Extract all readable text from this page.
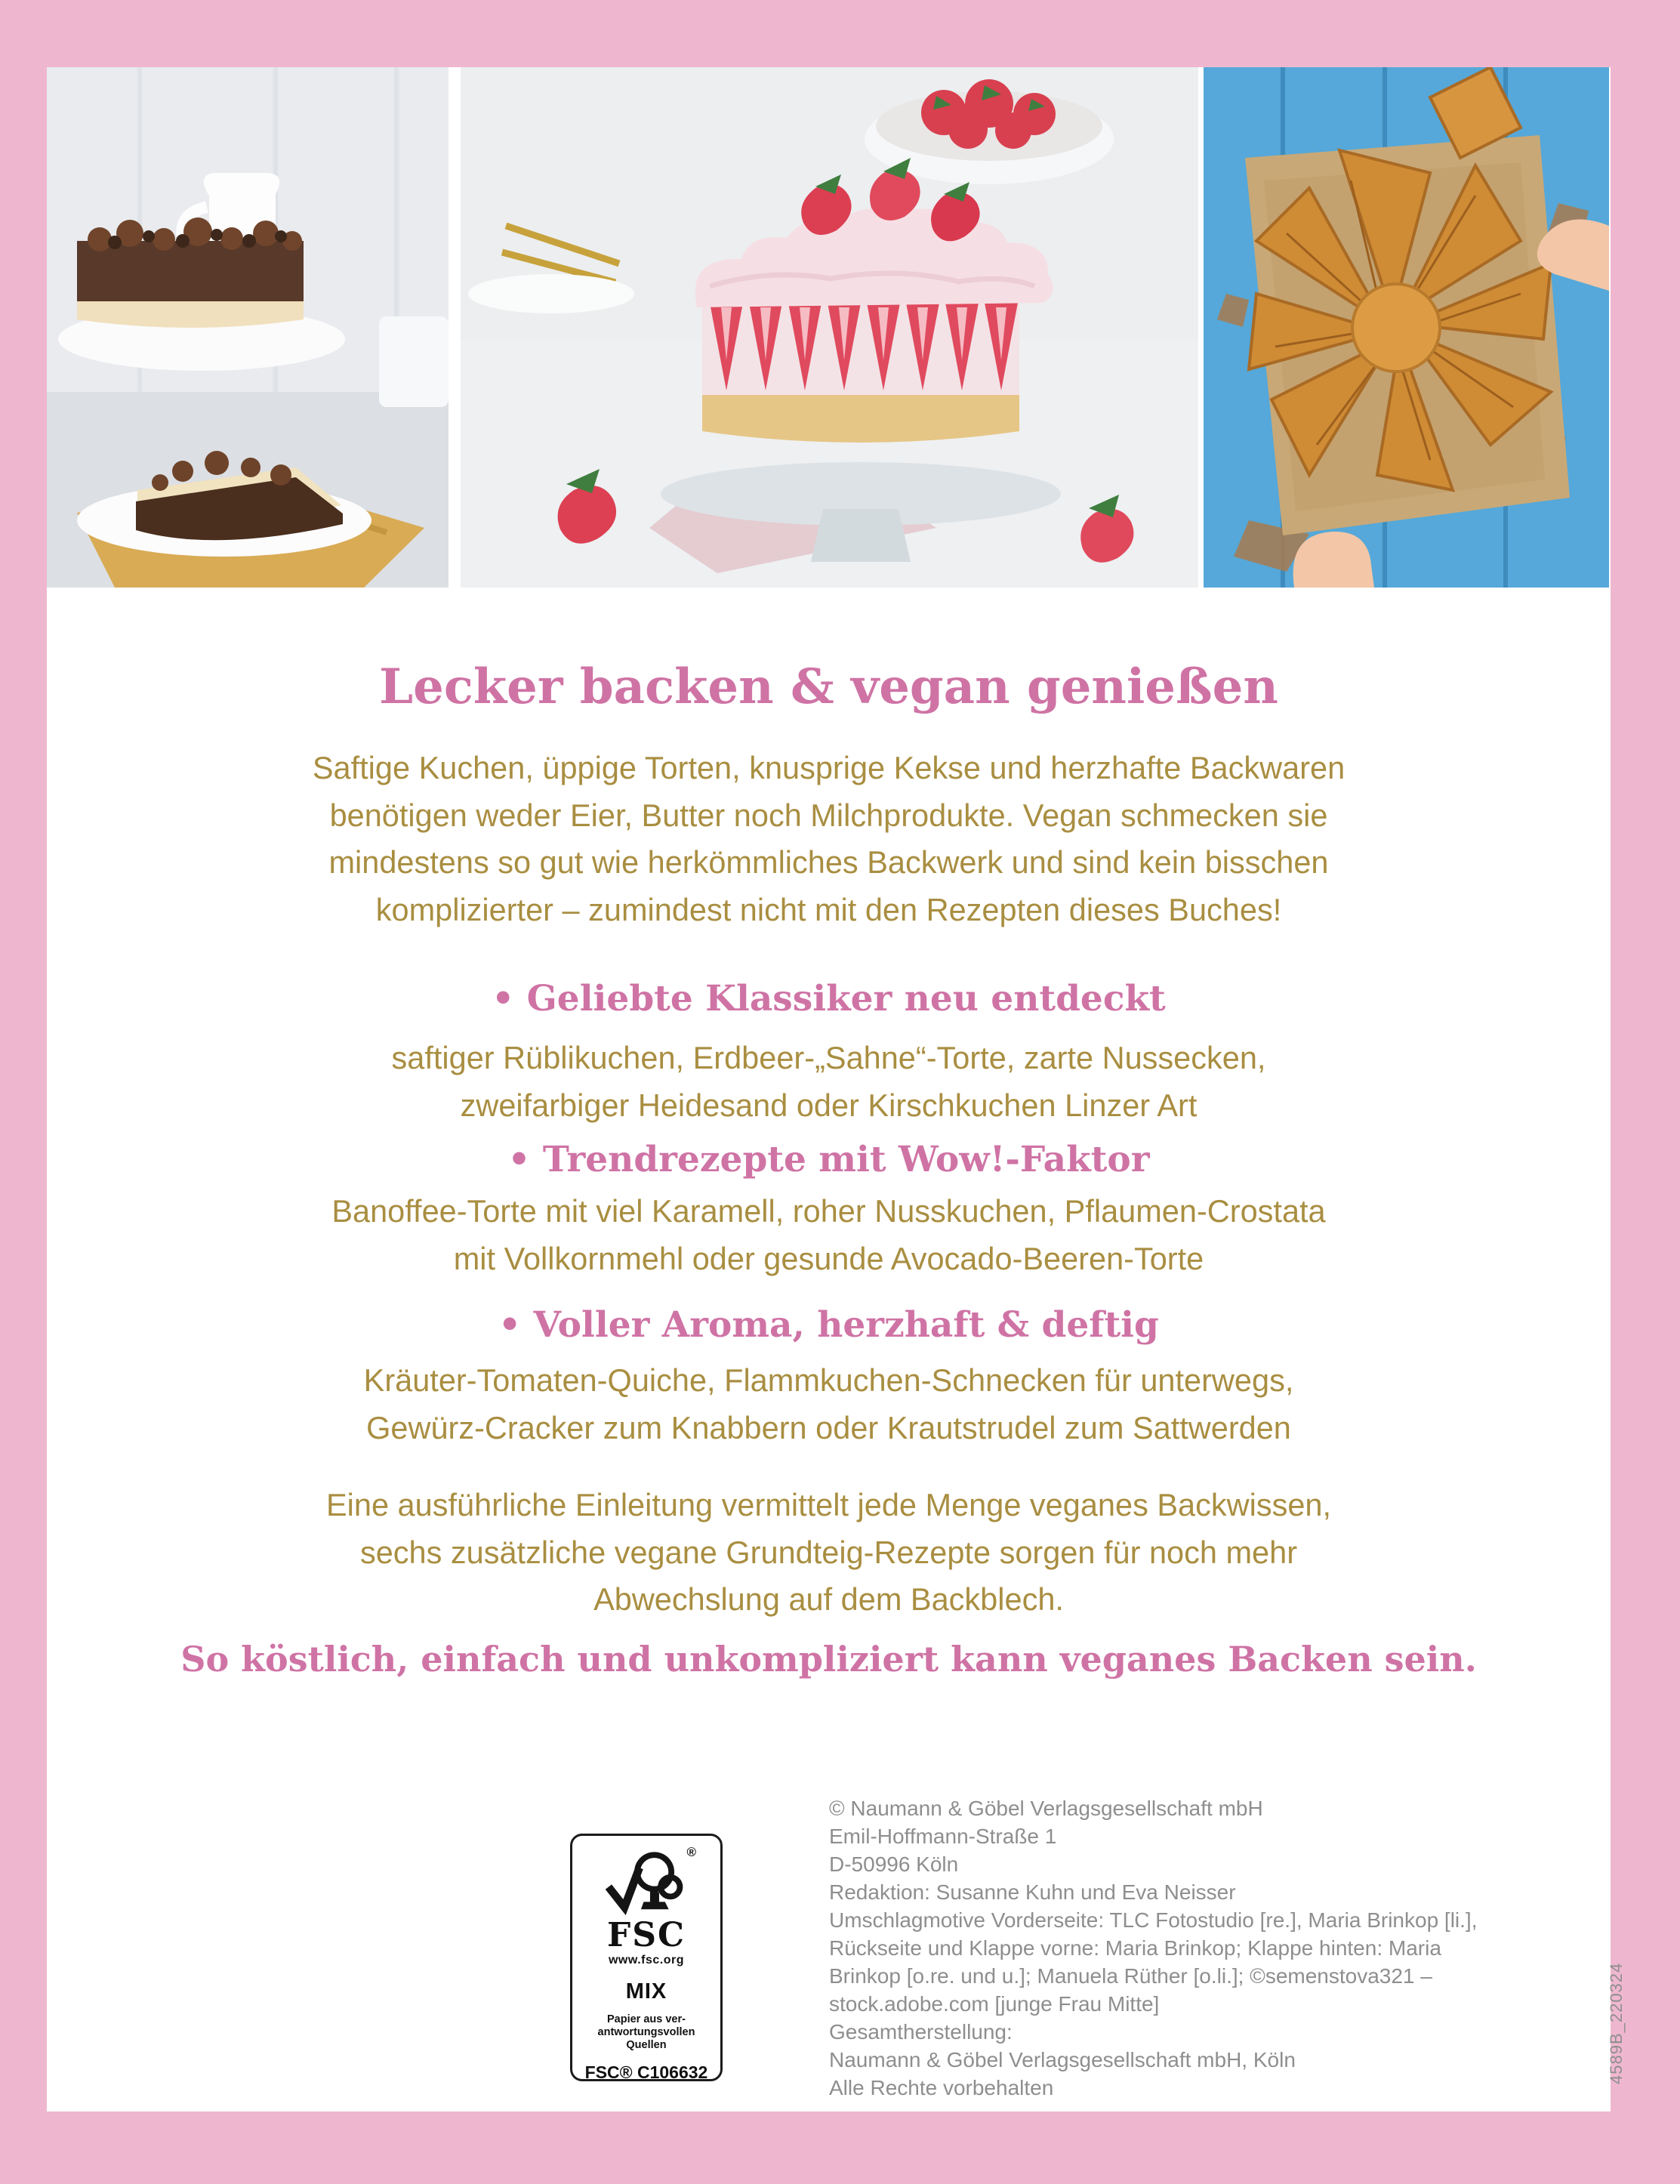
Lecker backen & vegan genießen
Saftige Kuchen, üppige Torten, knusprige Kekse und herzhafte Backwaren
benötigen weder Eier, Butter noch Milchprodukte. Vegan schmecken sie
mindestens so gut wie herkömmliches Backwerk und sind kein bisschen
komplizierter – zumindest nicht mit den Rezepten dieses Buches!
• Geliebte Klassiker neu entdeckt
saftiger Rüblikuchen, Erdbeer-„Sahne“-Torte, zarte Nussecken,
zweifarbiger Heidesand oder Kirschkuchen Linzer Art
• Trendrezepte mit Wow!-Faktor
Banoffee-Torte mit viel Karamell, roher Nusskuchen, Pflaumen-Crostata
mit Vollkornmehl oder gesunde Avocado-Beeren-Torte
• Voller Aroma, herzhaft & deftig
Kräuter-Tomaten-Quiche, Flammkuchen-Schnecken für unterwegs,
Gewürz-Cracker zum Knabbern oder Krautstrudel zum Sattwerden
Eine ausführliche Einleitung vermittelt jede Menge veganes Backwissen,
sechs zusätzliche vegane Grundteig-Rezepte sorgen für noch mehr
Abwechslung auf dem Backblech.
So köstlich, einfach und unkompliziert kann veganes Backen sein.
®
FSC
www.fsc.org
MIX
Papier aus ver-
antwortungsvollen
Quellen
FSC® C106632
© Naumann & Göbel Verlagsgesellschaft mbH
Emil-Hoffmann-Straße 1
D-50996 Köln
Redaktion: Susanne Kuhn und Eva Neisser
Umschlagmotive Vorderseite: TLC Fotostudio [re.], Maria Brinkop [li.],
Rückseite und Klappe vorne: Maria Brinkop; Klappe hinten: Maria
Brinkop [o.re. und u.]; Manuela Rüther [o.li.]; ©semenstova321 –
stock.adobe.com [junge Frau Mitte]
Gesamtherstellung:
Naumann & Göbel Verlagsgesellschaft mbH, Köln
Alle Rechte vorbehalten
4589B_220324
